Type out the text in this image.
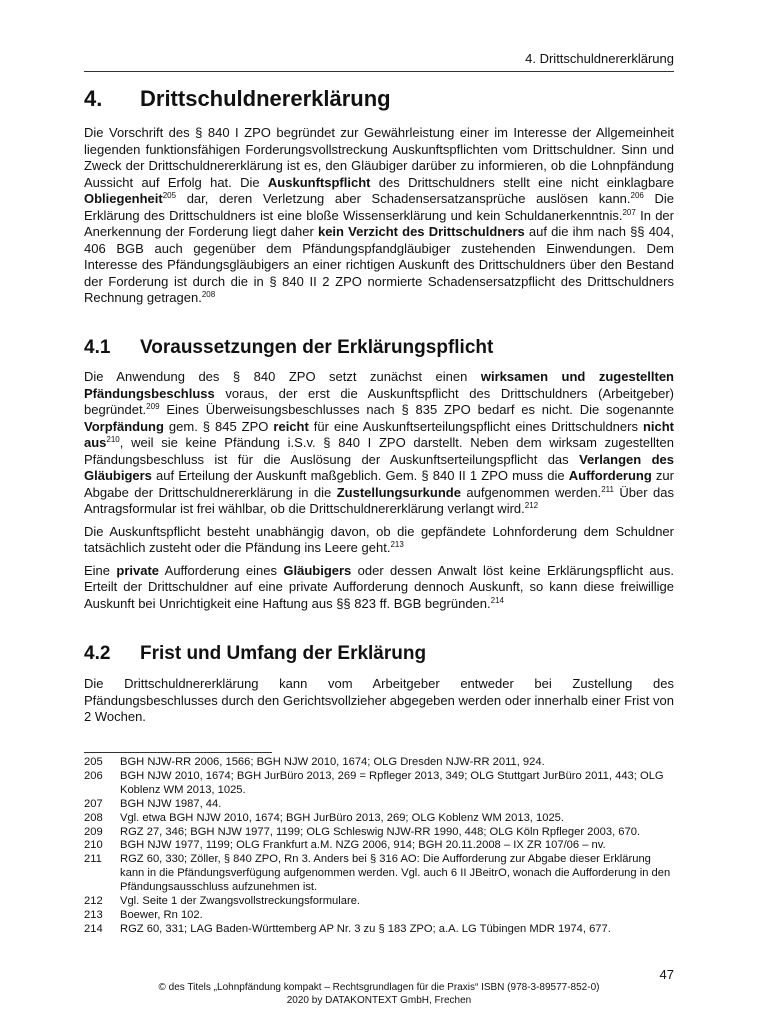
4. Drittschuldnererklärung
4. Drittschuldnererklärung

Die Vorschrift des § 840 I ZPO begründet zur Gewährleistung einer im Interesse der Allgemeinheit liegenden funktionsfähigen Forderungsvollstreckung Auskunftspflichten vom Drittschuldner. Sinn und Zweck der Drittschuldnererklärung ist es, den Gläubiger darüber zu informieren, ob die Lohnpfändung Aussicht auf Erfolg hat. Die Auskunftspflicht des Drittschuldners stellt eine nicht einklagbare Obliegenheit$^{205}$ dar, deren Verletzung aber Schadensersatzansprüche auslösen kann.$^{206}$ Die Erklärung des Drittschuldners ist eine bloße Wissenserklärung und kein Schuldanerkenntnis.$^{207}$ In der Anerkennung der Forderung liegt daher kein Verzicht des Drittschuldners auf die ihm nach §§ 404, 406 BGB auch gegenüber dem Pfändungspfandgläubiger zustehenden Einwendungen. Dem Interesse des Pfändungsgläubigers an einer richtigen Auskunft des Drittschuldners über den Bestand der Forderung ist durch die in § 840 II 2 ZPO normierte Schadensersatzpflicht des Drittschuldners Rechnung getragen.$^{208}$

4.1 Voraussetzungen der Erklärungspflicht

Die Anwendung des § 840 ZPO setzt zunächst einen wirksamen und zugestellten Pfändungsbeschluss voraus, der erst die Auskunftspflicht des Drittschuldners (Arbeitgeber) begründet.$^{209}$ Eines Überweisungsbeschlusses nach § 835 ZPO bedarf es nicht. Die sogenannte Vorpfändung gem. § 845 ZPO reicht für eine Auskunftserteilungspflicht eines Drittschuldners nicht aus$^{210}$, weil sie keine Pfändung i.S.v. § 840 I ZPO darstellt. Neben dem wirksam zugestellten Pfändungsbeschluss ist für die Auslösung der Auskunftserteilungspflicht das Verlangen des Gläubigers auf Erteilung der Auskunft maßgeblich. Gem. § 840 II 1 ZPO muss die Aufforderung zur Abgabe der Drittschuldnererklärung in die Zustellungsurkunde aufgenommen werden.$^{211}$ Über das Antragsformular ist frei wählbar, ob die Drittschuldnererklärung verlangt wird.$^{212}$

Die Auskunftspflicht besteht unabhängig davon, ob die gepfändete Lohnforderung dem Schuldner tatsächlich zusteht oder die Pfändung ins Leere geht.$^{213}$

Eine private Aufforderung eines Gläubigers oder dessen Anwalt löst keine Erklärungspflicht aus. Erteilt der Drittschuldner auf eine private Aufforderung dennoch Auskunft, so kann diese freiwillige Auskunft bei Unrichtigkeit eine Haftung aus §§ 823 ff. BGB begründen.$^{214}$

4.2 Frist und Umfang der Erklärung

Die Drittschuldnererklärung kann vom Arbeitgeber entweder bei Zustellung des Pfändungsbeschlusses durch den Gerichtsvollzieher abgegeben werden oder innerhalb einer Frist von 2 Wochen.

205	BGH NJW-RR 2006, 1566; BGH NJW 2010, 1674; OLG Dresden NJW-RR 2011, 924.
206	BGH NJW 2010, 1674; BGH JurBüro 2013, 269 = Rpfleger 2013, 349; OLG Stuttgart JurBüro 2011, 443; OLG Koblenz WM 2013, 1025.
207	BGH NJW 1987, 44.
208	Vgl. etwa BGH NJW 2010, 1674; BGH JurBüro 2013, 269; OLG Koblenz WM 2013, 1025.
209	RGZ 27, 346; BGH NJW 1977, 1199; OLG Schleswig NJW-RR 1990, 448; OLG Köln Rpfleger 2003, 670.
210	BGH NJW 1977, 1199; OLG Frankfurt a.M. NZG 2006, 914; BGH 20.11.2008 – IX ZR 107/06 – nv.
211	RGZ 60, 330; Zöller, § 840 ZPO, Rn 3. Anders bei § 316 AO: Die Aufforderung zur Abgabe dieser Erklärung kann in die Pfändungsverfügung aufgenommen werden. Vgl. auch 6 II JBeitrO, wonach die Aufforderung in den Pfändungsausschluss aufzunehmen ist.
212	Vgl. Seite 1 der Zwangsvollstreckungsformulare.
213	Boewer, Rn 102.
214	RGZ 60, 331; LAG Baden-Württemberg AP Nr. 3 zu § 183 ZPO; a.A. LG Tübingen MDR 1974, 677.
47
© des Titels „Lohnpfändung kompakt – Rechtsgrundlagen für die Praxis“ ISBN (978-3-89577-852-0)
2020 by DATAKONTEXT GmbH, Frechen
